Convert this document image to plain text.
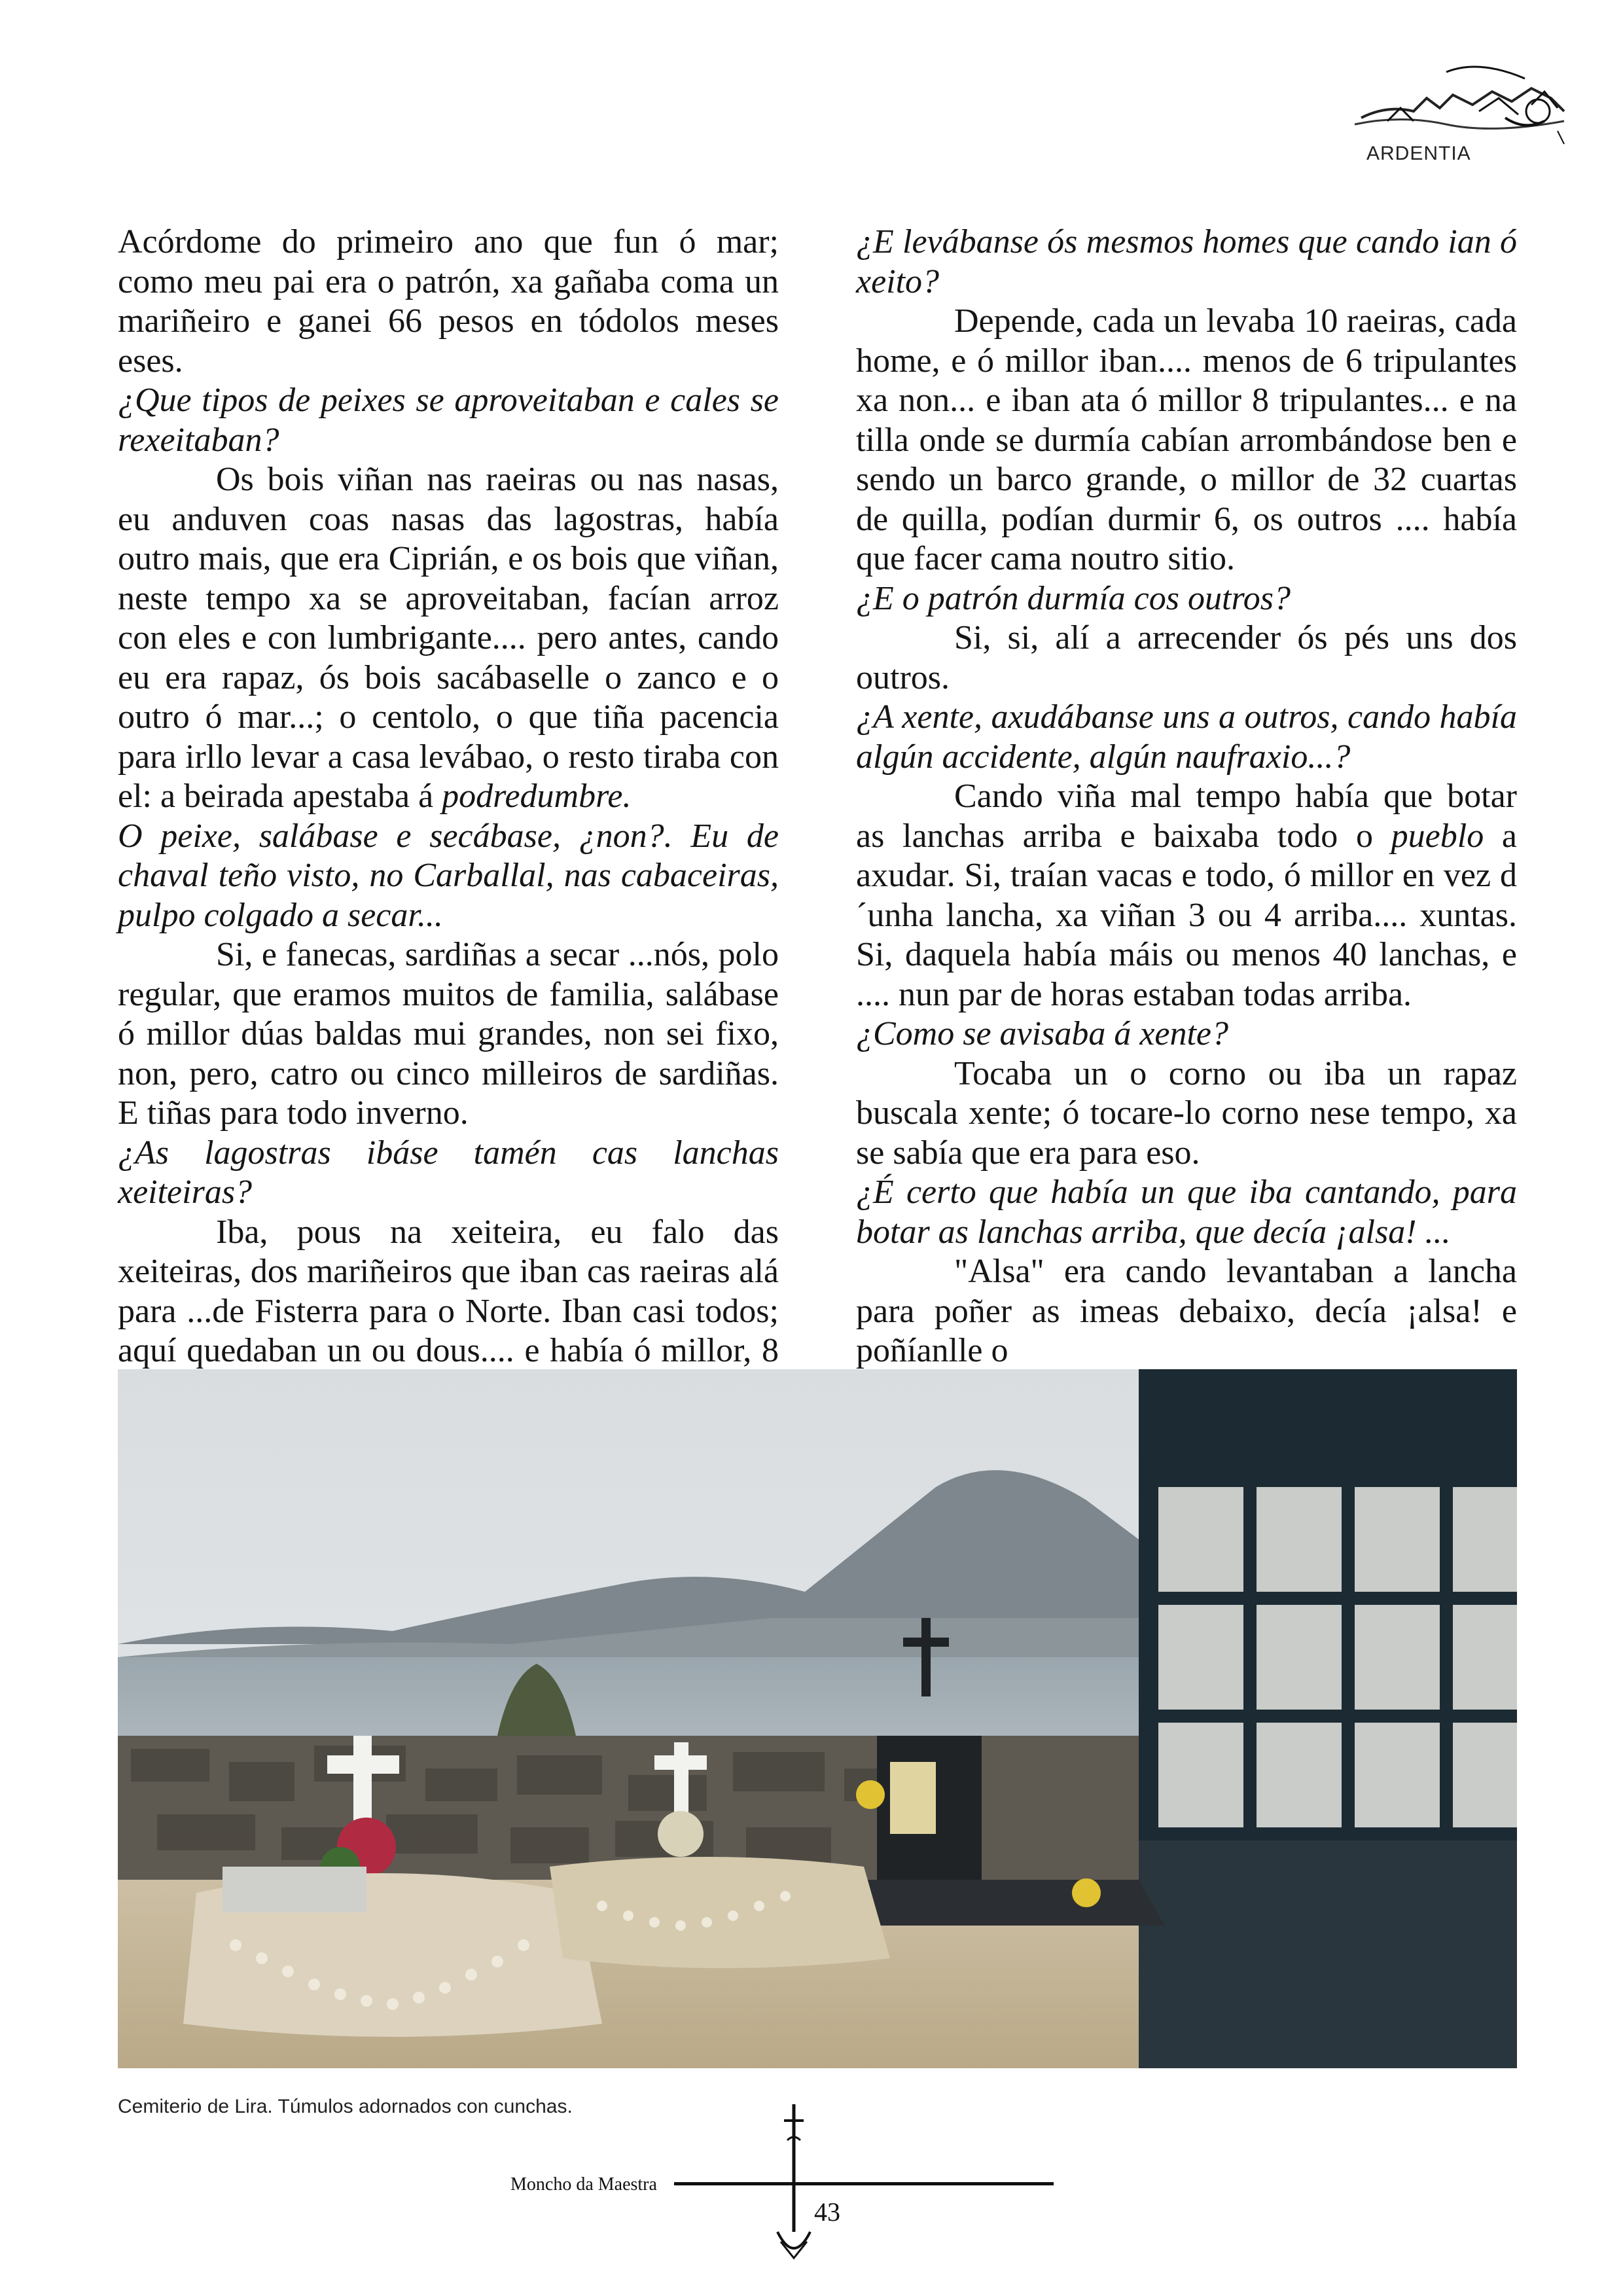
ARDENTIA

Acórdome do primeiro ano que fun ó mar; como meu pai era o patrón, xa gañaba coma un mariñeiro e ganei 66 pesos en tódolos meses eses.

¿Que tipos de peixes se aproveitaban e cales se rexeitaban?

Os bois viñan nas raeiras ou nas nasas, eu anduven coas nasas das lagostras, había outro mais, que era Ciprián, e os bois que viñan, neste tempo xa se aproveitaban, facían arroz con eles e con lumbrigante.... pero antes, cando eu era rapaz, ós bois sacábaselle o zanco e o outro ó mar...; o centolo, o que tiña pacencia para irllo levar a casa levábao, o resto tiraba con el: a beirada apestaba á podredumbre.

O peixe, salábase e secábase, ¿non?. Eu de chaval teño visto, no Carballal, nas cabaceiras, pulpo colgado a secar...

Si, e fanecas, sardiñas a secar ...nós, polo regular, que eramos muitos de familia, salábase ó millor dúas baldas mui grandes, non sei fixo, non, pero, catro ou cinco milleiros de sardiñas. E tiñas para todo inverno.

¿As lagostras ibáse tamén cas lanchas xeiteiras?

Iba, pous na xeiteira, eu falo das xeiteiras, dos mariñeiros que iban cas raeiras alá para ...de Fisterra para o Norte. Iban casi todos; aquí quedaban un ou dous.... e había ó millor, 8

¿E levábanse ós mesmos homes que cando ian ó xeito?

Depende, cada un levaba 10 raeiras, cada home, e ó millor iban.... menos de 6 tripulantes xa non... e iban ata ó millor 8 tripulantes... e na tilla onde se durmía cabían arrombándose ben e sendo un barco grande, o millor de 32 cuartas de quilla, podían durmir 6, os outros .... había que facer cama noutro sitio.

¿E o patrón durmía cos outros?

Si, si, alí a arrecender ós pés uns dos outros.

¿A xente, axudábanse uns a outros, cando había algún accidente, algún naufraxio...?

Cando viña mal tempo había que botar as lanchas arriba e baixaba todo o pueblo a axudar. Si, traían vacas e todo, ó millor en vez d´unha lancha, xa viñan 3 ou 4 arriba.... xuntas. Si, daquela había máis ou menos 40 lanchas, e .... nun par de horas estaban todas arriba.

¿Como se avisaba á xente?

Tocaba un o corno ou iba un rapaz buscala xente; ó tocare-lo corno nese tempo, xa se sabía que era para eso.

¿É certo que había un que iba cantando, para botar as lanchas arriba, que decía ¡alsa! ...

"Alsa" era cando levantaban a lancha para poñer as imeas debaixo, decía ¡alsa! e poñíanlle o

Cemiterio de Lira. Túmulos adornados con cunchas.
Moncho da Maestra
43
